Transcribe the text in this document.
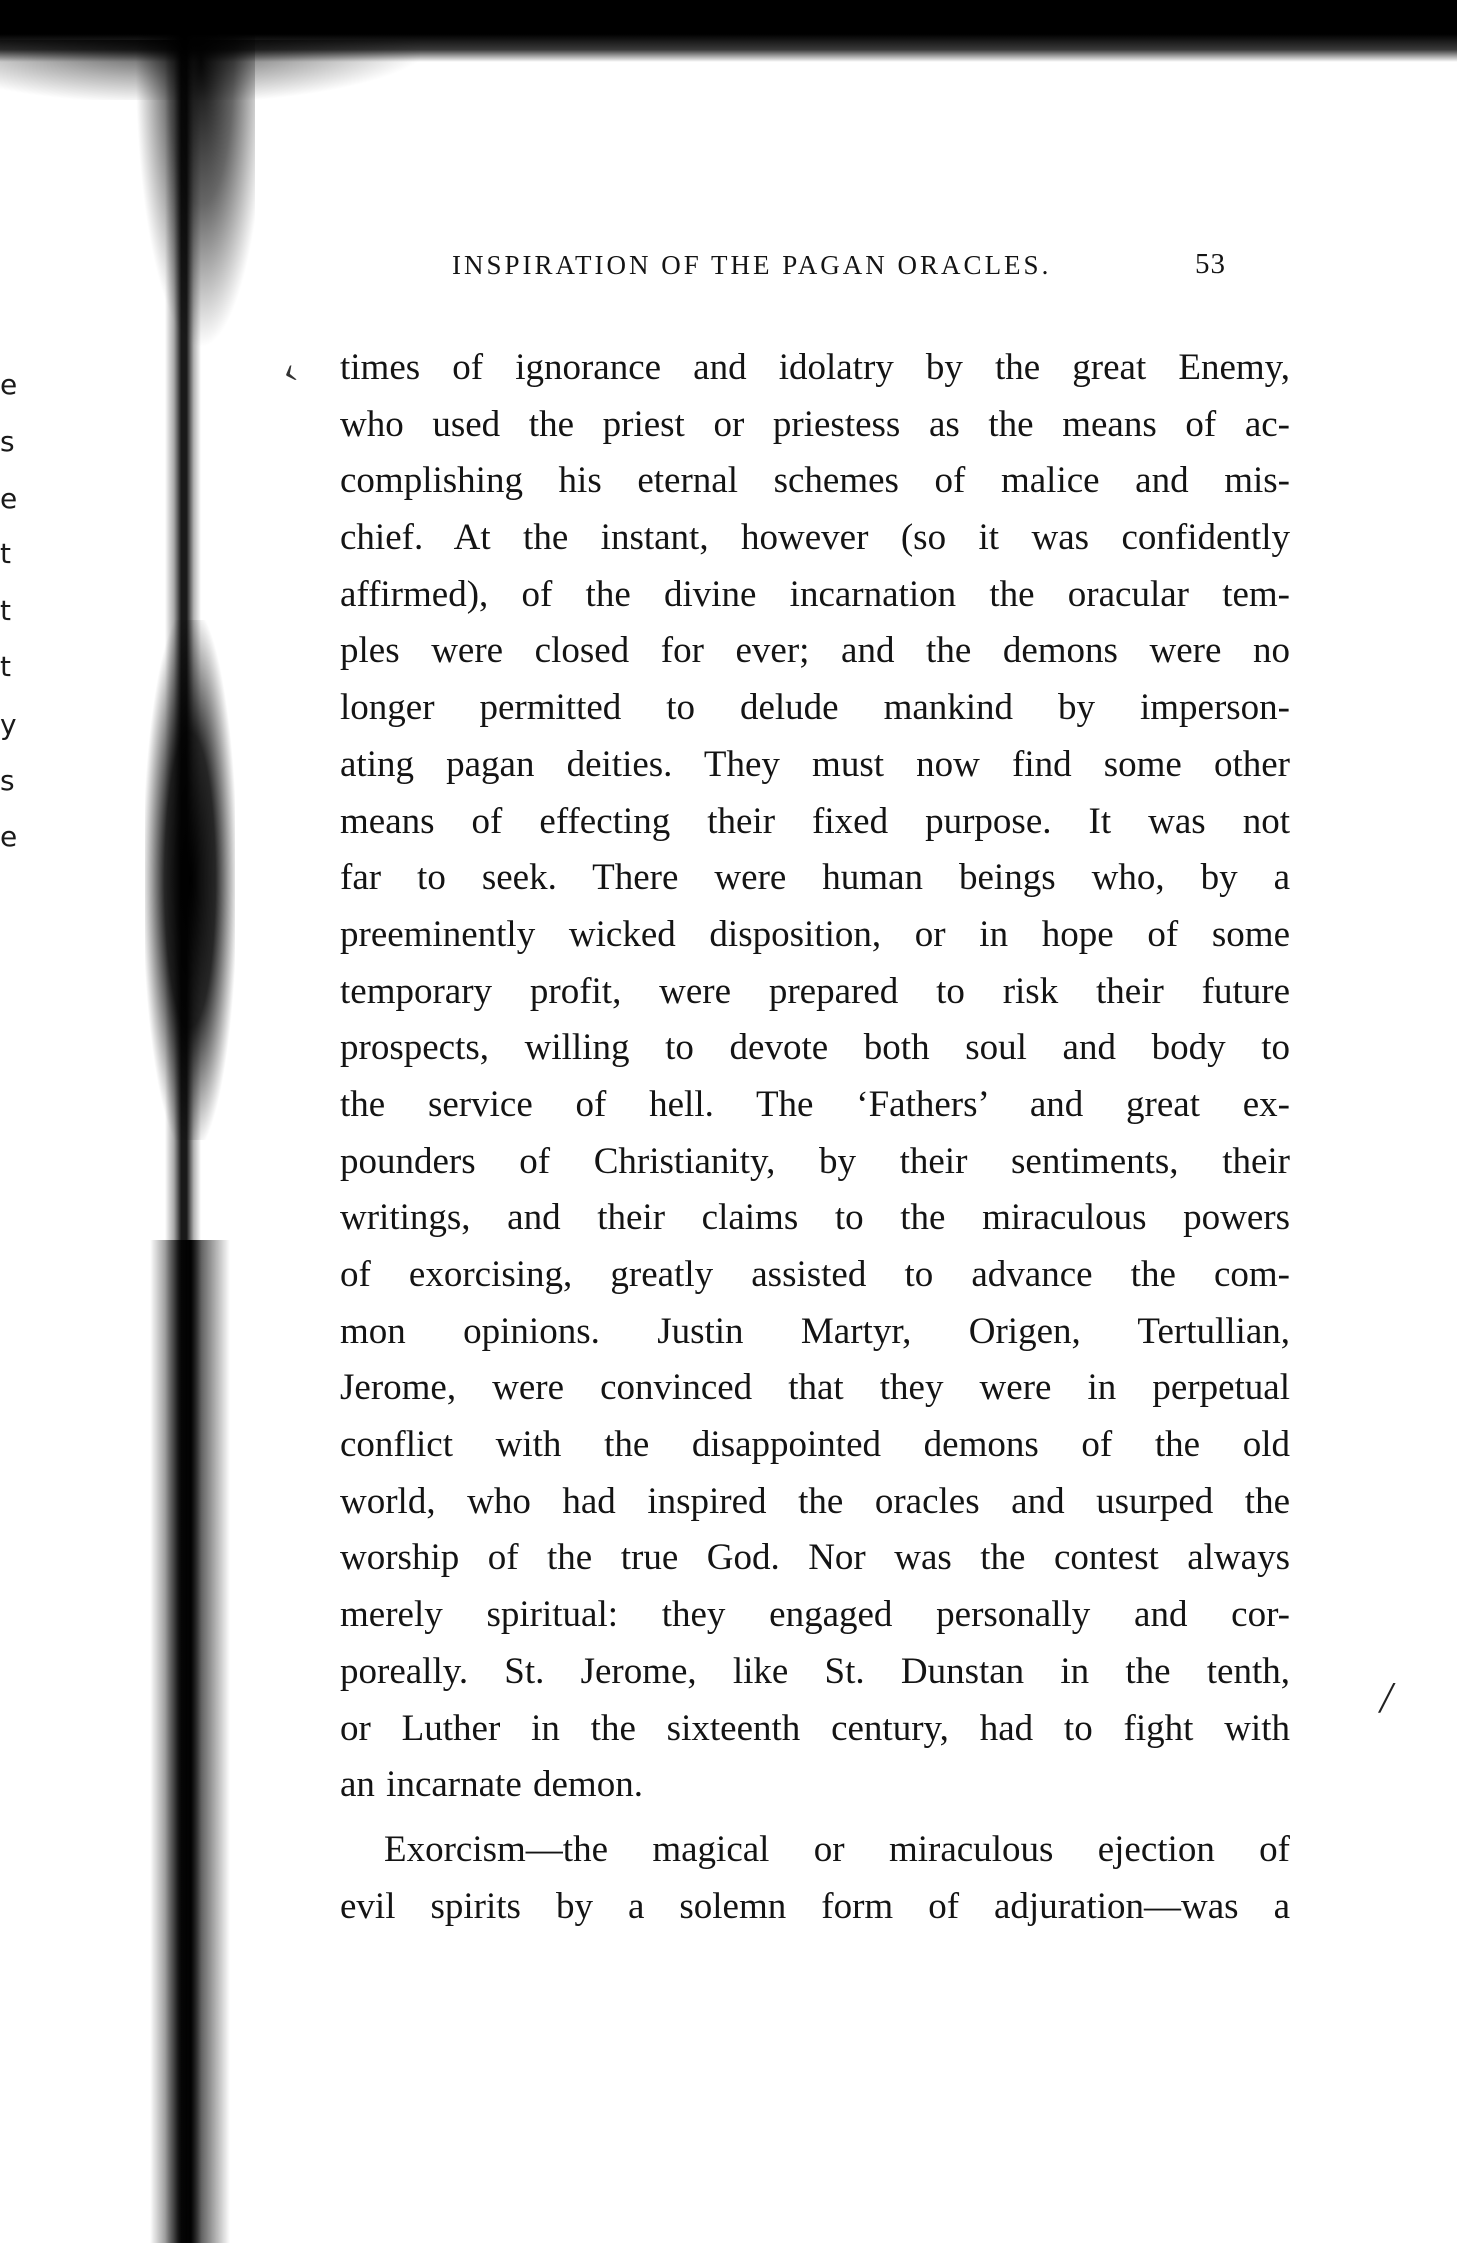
e
s
e
t
t
t
y
s
e
‹
/
INSPIRATION OF THE PAGAN ORACLES.	53
times of ignorance and idolatry by the great Enemy,
who used the priest or priestess as the means of ac-
complishing his eternal schemes of malice and mis-
chief. At the instant, however (so it was confidently
affirmed), of the divine incarnation the oracular tem-
ples were closed for ever; and the demons were no
longer permitted to delude mankind by imperson-
ating pagan deities. They must now find some other
means of effecting their fixed purpose. It was not
far to seek. There were human beings who, by a
preeminently wicked disposition, or in hope of some
temporary profit, were prepared to risk their future
prospects, willing to devote both soul and body to
the service of hell. The ‘Fathers’ and great ex-
pounders of Christianity, by their sentiments, their
writings, and their claims to the miraculous powers
of exorcising, greatly assisted to advance the com-
mon opinions. Justin Martyr, Origen, Tertullian,
Jerome, were convinced that they were in perpetual
conflict with the disappointed demons of the old
world, who had inspired the oracles and usurped the
worship of the true God. Nor was the contest always
merely spiritual: they engaged personally and cor-
poreally. St. Jerome, like St. Dunstan in the tenth,
or Luther in the sixteenth century, had to fight with
an incarnate demon.
Exorcism—the magical or miraculous ejection of
evil spirits by a solemn form of adjuration—was a
